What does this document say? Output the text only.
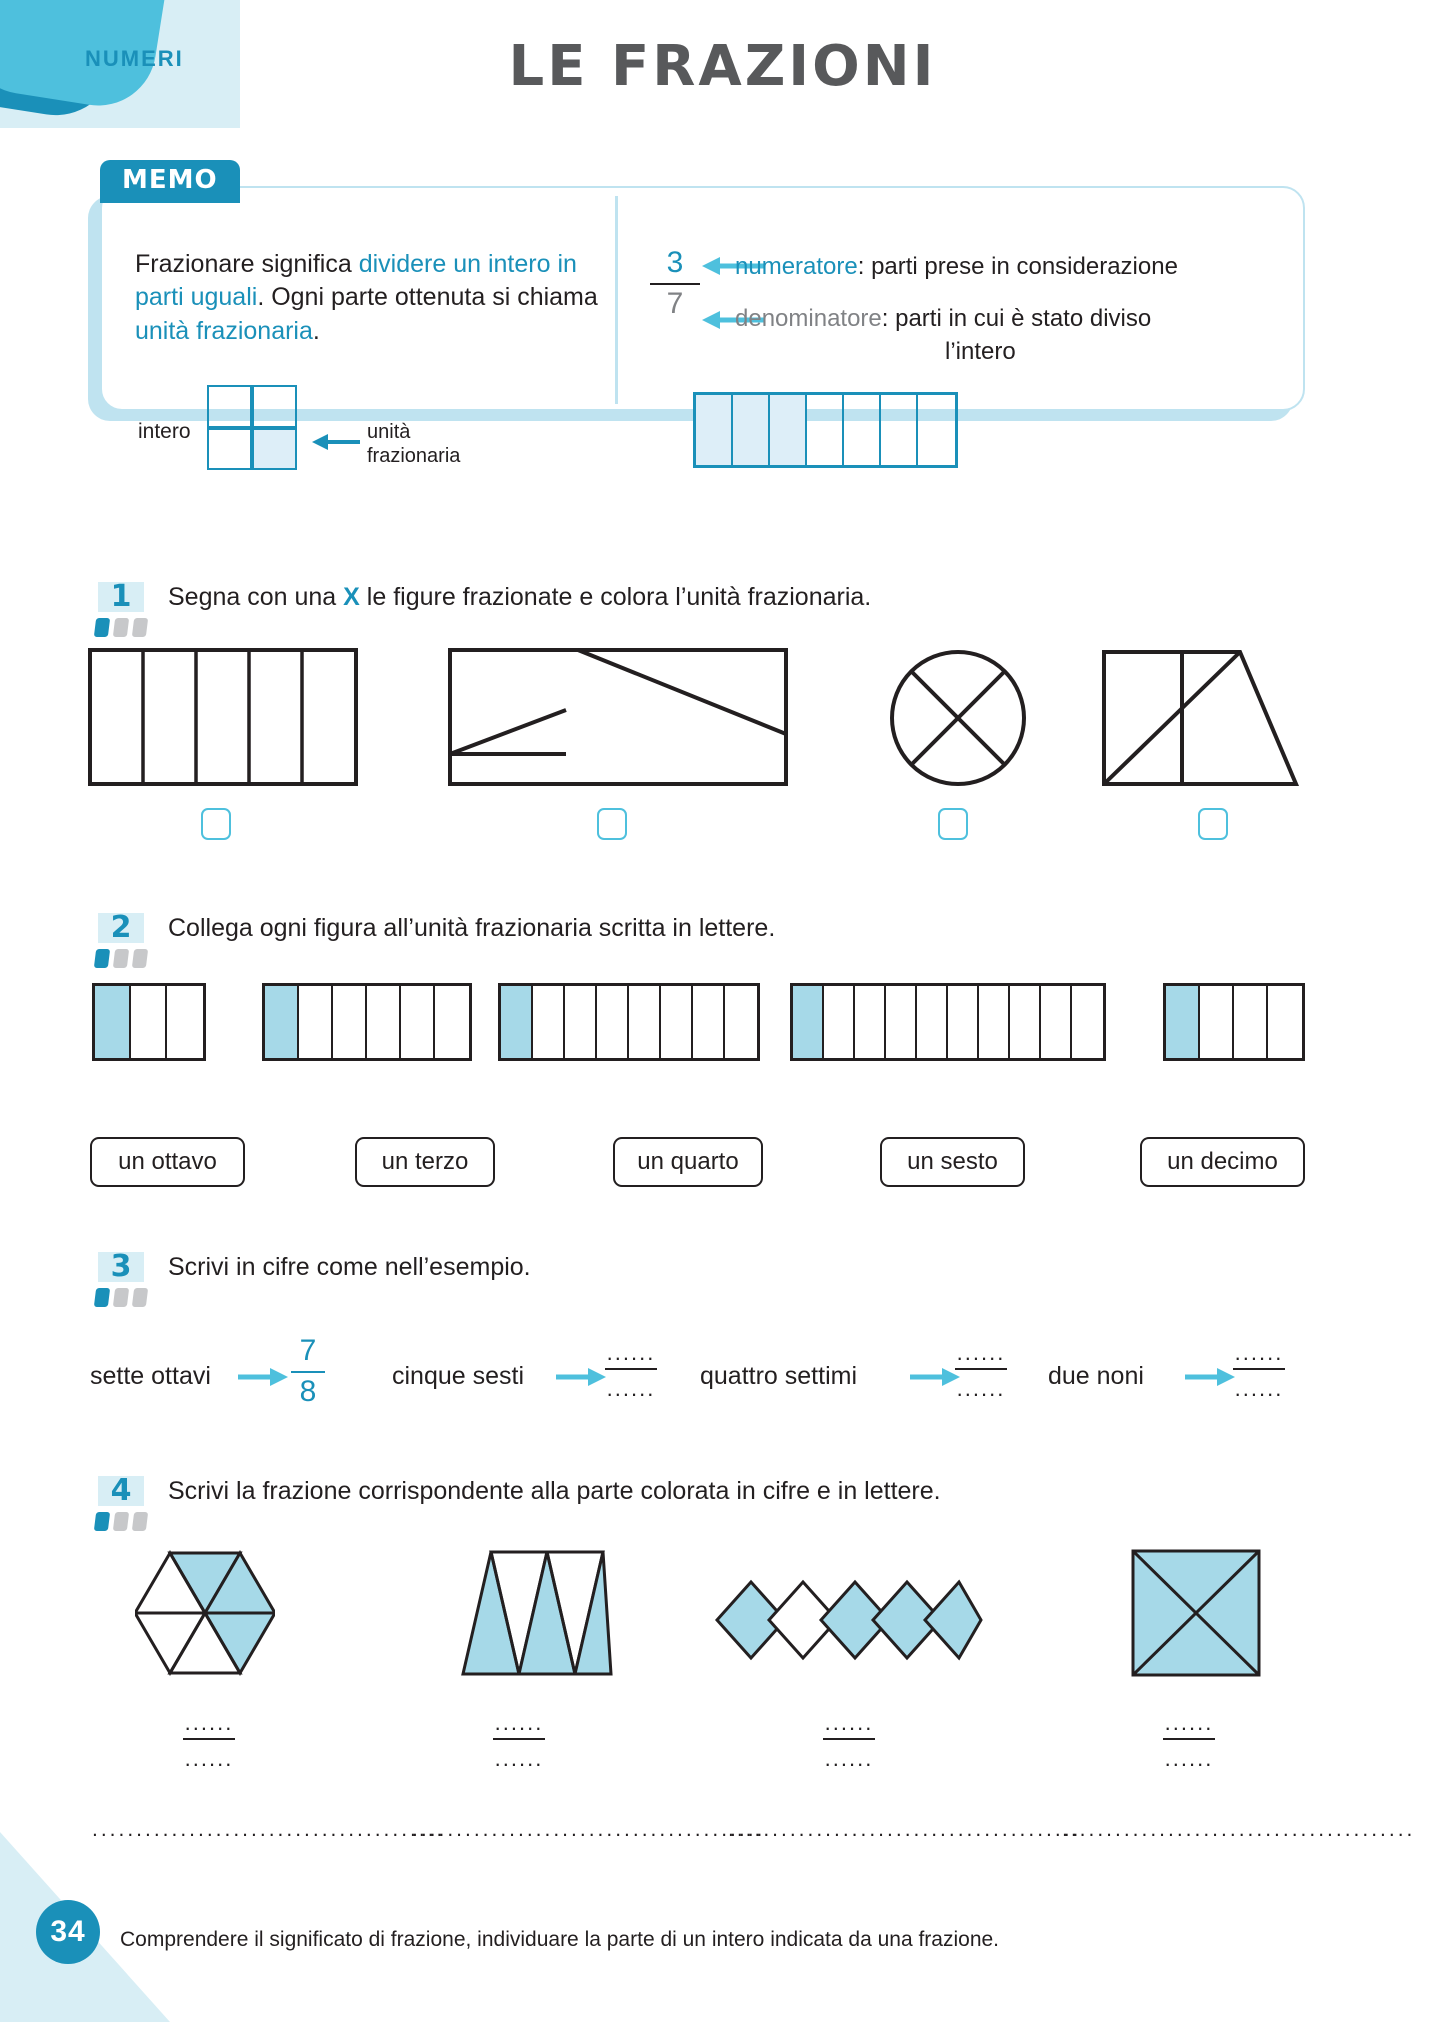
34
NUMERI	LE FRAZIONI
MEMO
Frazionare significa dividere un intero in parti uguali. Ogni parte ottenuta si chiama unità frazionaria.
intero	unità
frazionaria
3
7
numeratore: parti prese in considerazione
denominatore: parti in cui è stato diviso
l’intero
1	Segna con una X le figure frazionate e colora l’unità frazionaria.
2	Collega ogni figura all’unità frazionaria scritta in lettere.
un ottavo	un terzo	un quarto	un sesto	un decimo
3	Scrivi in cifre come nell’esempio.
sette ottavi
7
8	cinque sesti
......
...... quattro settimi
......
...... due noni
......
......
4	Scrivi la frazione corrispondente alla parte colorata in cifre e in lettere.
......
......
......
......
......
......
......
......
........................................
........................................
........................................
........................................
Comprendere il significato di frazione, individuare la parte di un intero indicata da una frazione.
